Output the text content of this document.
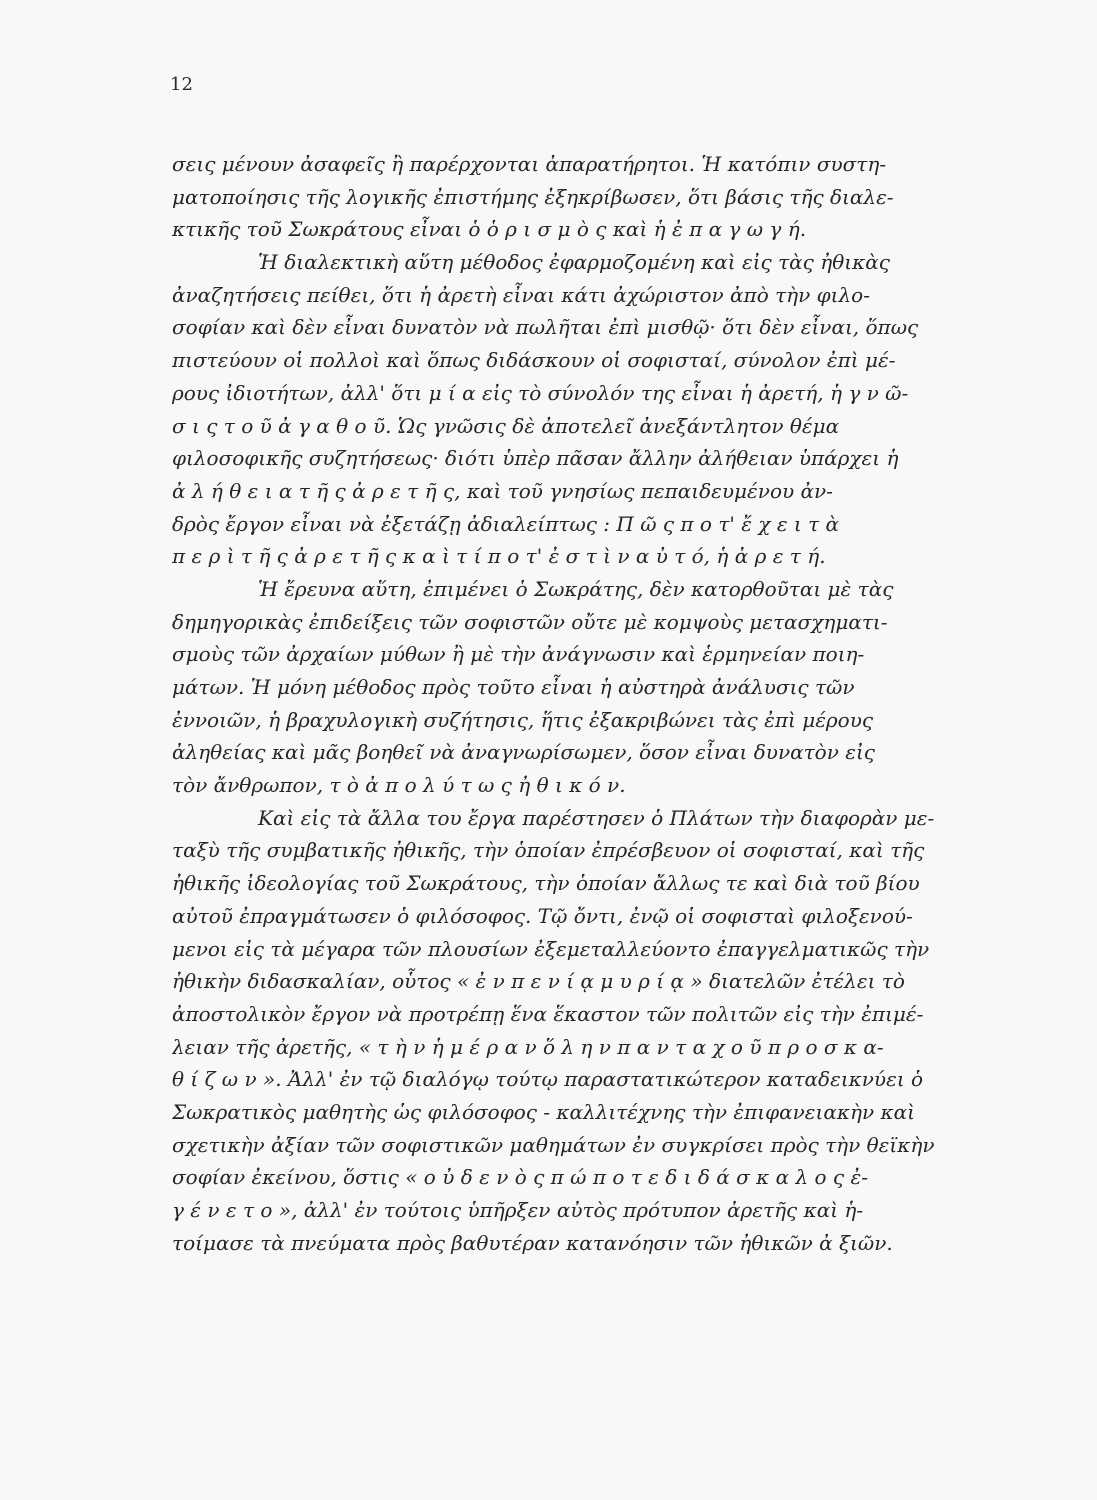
12
σεις μένουν ἀσαφεῖς ἢ παρέρχονται ἀπαρατήρητοι. Ἡ κατόπιν συστη-
ματοποίησις τῆς λογικῆς ἐπιστήμης ἐξηκρίβωσεν, ὅτι βάσις τῆς διαλε-
κτικῆς τοῦ Σωκράτους εἶναι ὁ ὁ ρ ι σ μ ὸ ς καὶ ἡ ἐ π α γ ω γ ή.
Ἡ διαλεκτικὴ αὕτη μέθοδος ἐφαρμοζομένη καὶ εἰς τὰς ἠθικὰς
ἀναζητήσεις πείθει, ὅτι ἡ ἀρετὴ εἶναι κάτι ἀχώριστον ἀπὸ τὴν φιλο-
σοφίαν καὶ δὲν εἶναι δυνατὸν νὰ πωλῆται ἐπὶ μισθῷ· ὅτι δὲν εἶναι, ὅπως
πιστεύουν οἱ πολλοὶ καὶ ὅπως διδάσκουν οἱ σοφισταί, σύνολον ἐπὶ μέ-
ρους ἰδιοτήτων, ἀλλ' ὅτι μ ί α εἰς τὸ σύνολόν της εἶναι ἡ ἀρετή, ἡ γ ν ῶ-
σ ι ς τ ο ῦ ἀ γ α θ ο ῦ. Ὡς γνῶσις δὲ ἀποτελεῖ ἀνεξάντλητον θέμα
φιλοσοφικῆς συζητήσεως· διότι ὑπὲρ πᾶσαν ἄλλην ἀλήθειαν ὑπάρχει ἡ
ἀ λ ή θ ε ι α τ ῆ ς ἀ ρ ε τ ῆ ς, καὶ τοῦ γνησίως πεπαιδευμένου ἀν-
δρὸς ἔργον εἶναι νὰ ἐξετάζῃ ἀδιαλείπτως : Π ῶ ς π ο τ' ἔ χ ε ι τ ὰ
π ε ρ ὶ τ ῆ ς ἀ ρ ε τ ῆ ς κ α ὶ τ ί π ο τ' ἐ σ τ ὶ ν α ὐ τ ό, ἡ ἀ ρ ε τ ή.
Ἡ ἔρευνα αὕτη, ἐπιμένει ὁ Σωκράτης, δὲν κατορθοῦται μὲ τὰς
δημηγορικὰς ἐπιδείξεις τῶν σοφιστῶν οὔτε μὲ κομψοὺς μετασχηματι-
σμοὺς τῶν ἀρχαίων μύθων ἢ μὲ τὴν ἀνάγνωσιν καὶ ἑρμηνείαν ποιη-
μάτων. Ἡ μόνη μέθοδος πρὸς τοῦτο εἶναι ἡ αὐστηρὰ ἀνάλυσις τῶν
ἐννοιῶν, ἡ βραχυλογικὴ συζήτησις, ἥτις ἐξακριβώνει τὰς ἐπὶ μέρους
ἀληθείας καὶ μᾶς βοηθεῖ νὰ ἀναγνωρίσωμεν, ὅσον εἶναι δυνατὸν εἰς
τὸν ἄνθρωπον, τ ὸ ἀ π ο λ ύ τ ω ς ἠ θ ι κ ό ν.
Καὶ εἰς τὰ ἄλλα του ἔργα παρέστησεν ὁ Πλάτων τὴν διαφορὰν με-
ταξὺ τῆς συμβατικῆς ἠθικῆς, τὴν ὁποίαν ἐπρέσβευον οἱ σοφισταί, καὶ τῆς
ἠθικῆς ἰδεολογίας τοῦ Σωκράτους, τὴν ὁποίαν ἄλλως τε καὶ διὰ τοῦ βίου
αὐτοῦ ἐπραγμάτωσεν ὁ φιλόσοφος. Τῷ ὄντι, ἐνῷ οἱ σοφισταὶ φιλοξενού-
μενοι εἰς τὰ μέγαρα τῶν πλουσίων ἐξεμεταλλεύοντο ἐπαγγελματικῶς τὴν
ἠθικὴν διδασκαλίαν, οὗτος « ἐ ν π ε ν ί ᾳ μ υ ρ ί ᾳ » διατελῶν ἐτέλει τὸ
ἀποστολικὸν ἔργον νὰ προτρέπῃ ἕνα ἕκαστον τῶν πολιτῶν εἰς τὴν ἐπιμέ-
λειαν τῆς ἀρετῆς, « τ ὴ ν ἡ μ έ ρ α ν ὅ λ η ν π α ν τ α χ ο ῦ π ρ ο σ κ α-
θ ί ζ ω ν ». Ἀλλ' ἐν τῷ διαλόγῳ τούτῳ παραστατικώτερον καταδεικνύει ὁ
Σωκρατικὸς μαθητὴς ὡς φιλόσοφος - καλλιτέχνης τὴν ἐπιφανειακὴν καὶ
σχετικὴν ἀξίαν τῶν σοφιστικῶν μαθημάτων ἐν συγκρίσει πρὸς τὴν θεϊκὴν
σοφίαν ἐκείνου, ὅστις « ο ὐ δ ε ν ὸ ς π ώ π ο τ ε δ ι δ ά σ κ α λ ο ς ἐ-
γ έ ν ε τ ο », ἀλλ' ἐν τούτοις ὑπῆρξεν αὐτὸς πρότυπον ἀρετῆς καὶ ἡ-
τοίμασε τὰ πνεύματα πρὸς βαθυτέραν κατανόησιν τῶν ἠθικῶν ἀ ξιῶν.
